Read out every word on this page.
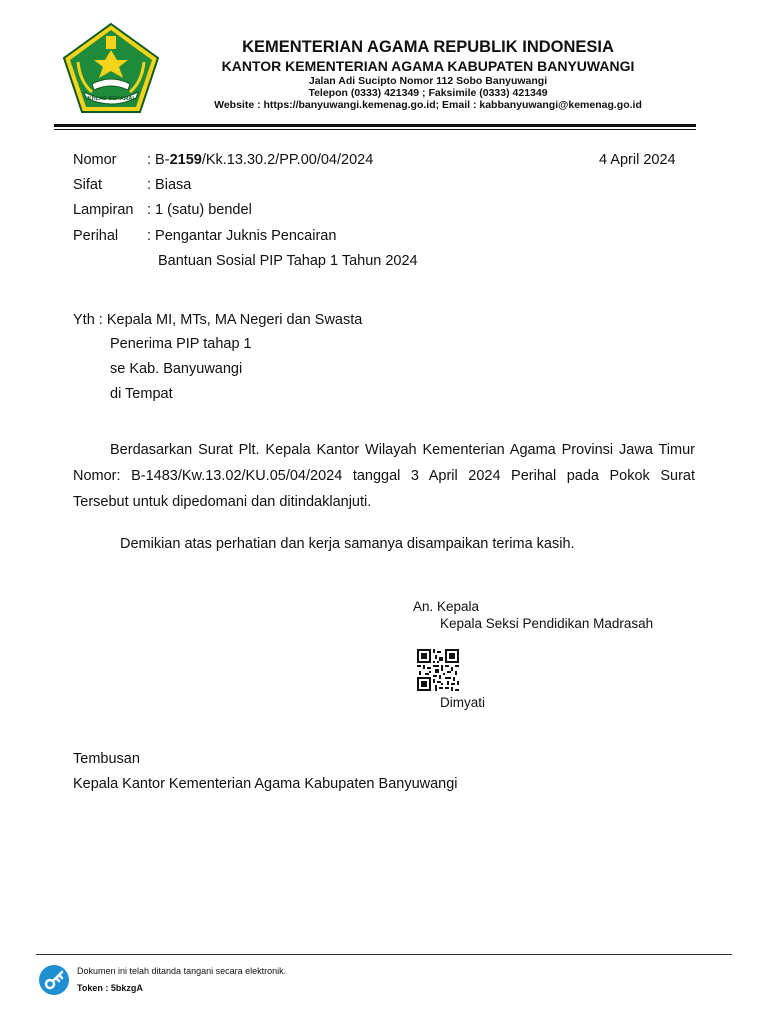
IKHLAS BERAMAL
KEMENTERIAN AGAMA REPUBLIK INDONESIA
KANTOR KEMENTERIAN AGAMA KABUPATEN BANYUWANGI
Jalan Adi Sucipto Nomor 112 Sobo Banyuwangi
Telepon (0333) 421349 ; Faksimile (0333) 421349
Website : https://banyuwangi.kemenag.go.id; Email : kabbanyuwangi@kemenag.go.id
Nomor : B-2159/Kk.13.30.2/PP.00/04/2024	4 April 2024
Sifat	: Biasa
Lampiran : 1 (satu) bendel
Perihal : Pengantar Juknis Pencairan
Bantuan Sosial PIP Tahap 1 Tahun 2024
Yth : Kepala MI, MTs, MA Negeri dan Swasta
Penerima PIP tahap 1
se Kab. Banyuwangi
di Tempat
Berdasarkan Surat Plt. Kepala Kantor Wilayah Kementerian Agama Provinsi Jawa Timur Nomor: B-1483/Kw.13.02/KU.05/04/2024 tanggal 3 April 2024 Perihal pada Pokok Surat Tersebut untuk dipedomani dan ditindaklanjuti.
Demikian atas perhatian dan kerja samanya disampaikan terima kasih.
An. Kepala
Kepala Seksi Pendidikan Madrasah
Dimyati
Tembusan
Kepala Kantor Kementerian Agama Kabupaten Banyuwangi
Dokumen ini telah ditanda tangani secara elektronik.
Token : 5bkzgA
